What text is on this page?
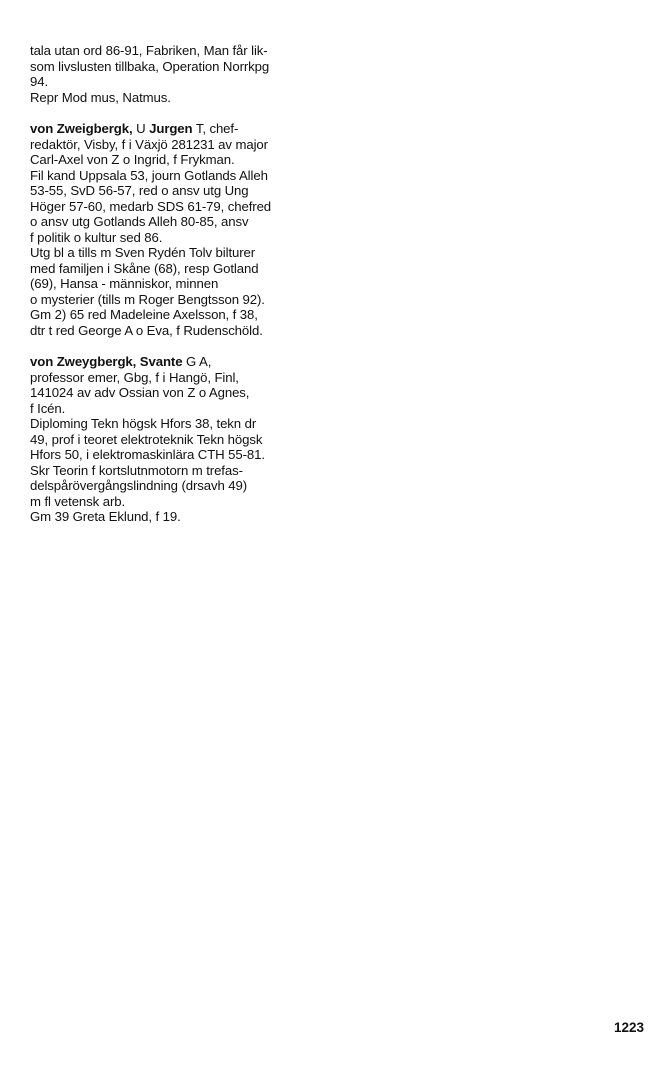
tala utan ord 86-91, Fabriken, Man får lik-
som livslusten tillbaka, Operation Norrkpg
94.
Repr Mod mus, Natmus.
von Zweigbergk, U Jurgen T, chef-
redaktör, Visby, f i Växjö 281231 av major
Carl-Axel von Z o Ingrid, f Frykman.
Fil kand Uppsala 53, journ Gotlands Alleh
53-55, SvD 56-57, red o ansv utg Ung
Höger 57-60, medarb SDS 61-79, chefred
o ansv utg Gotlands Alleh 80-85, ansv
f politik o kultur sed 86.
Utg bl a tills m Sven Rydén Tolv bilturer
med familjen i Skåne (68), resp Gotland
(69), Hansa - människor, minnen
o mysterier (tills m Roger Bengtsson 92).
Gm 2) 65 red Madeleine Axelsson, f 38,
dtr t red George A o Eva, f Rudenschöld.
von Zweygbergk, Svante G A,
professor emer, Gbg, f i Hangö, Finl,
141024 av adv Ossian von Z o Agnes,
f Icén.
Diploming Tekn högsk Hfors 38, tekn dr
49, prof i teoret elektroteknik Tekn högsk
Hfors 50, i elektromaskinlära CTH 55-81.
Skr Teorin f kortslutnmotorn m trefas-
delspårövergångslindning (drsavh 49)
m fl vetensk arb.
Gm 39 Greta Eklund, f 19.
1223
